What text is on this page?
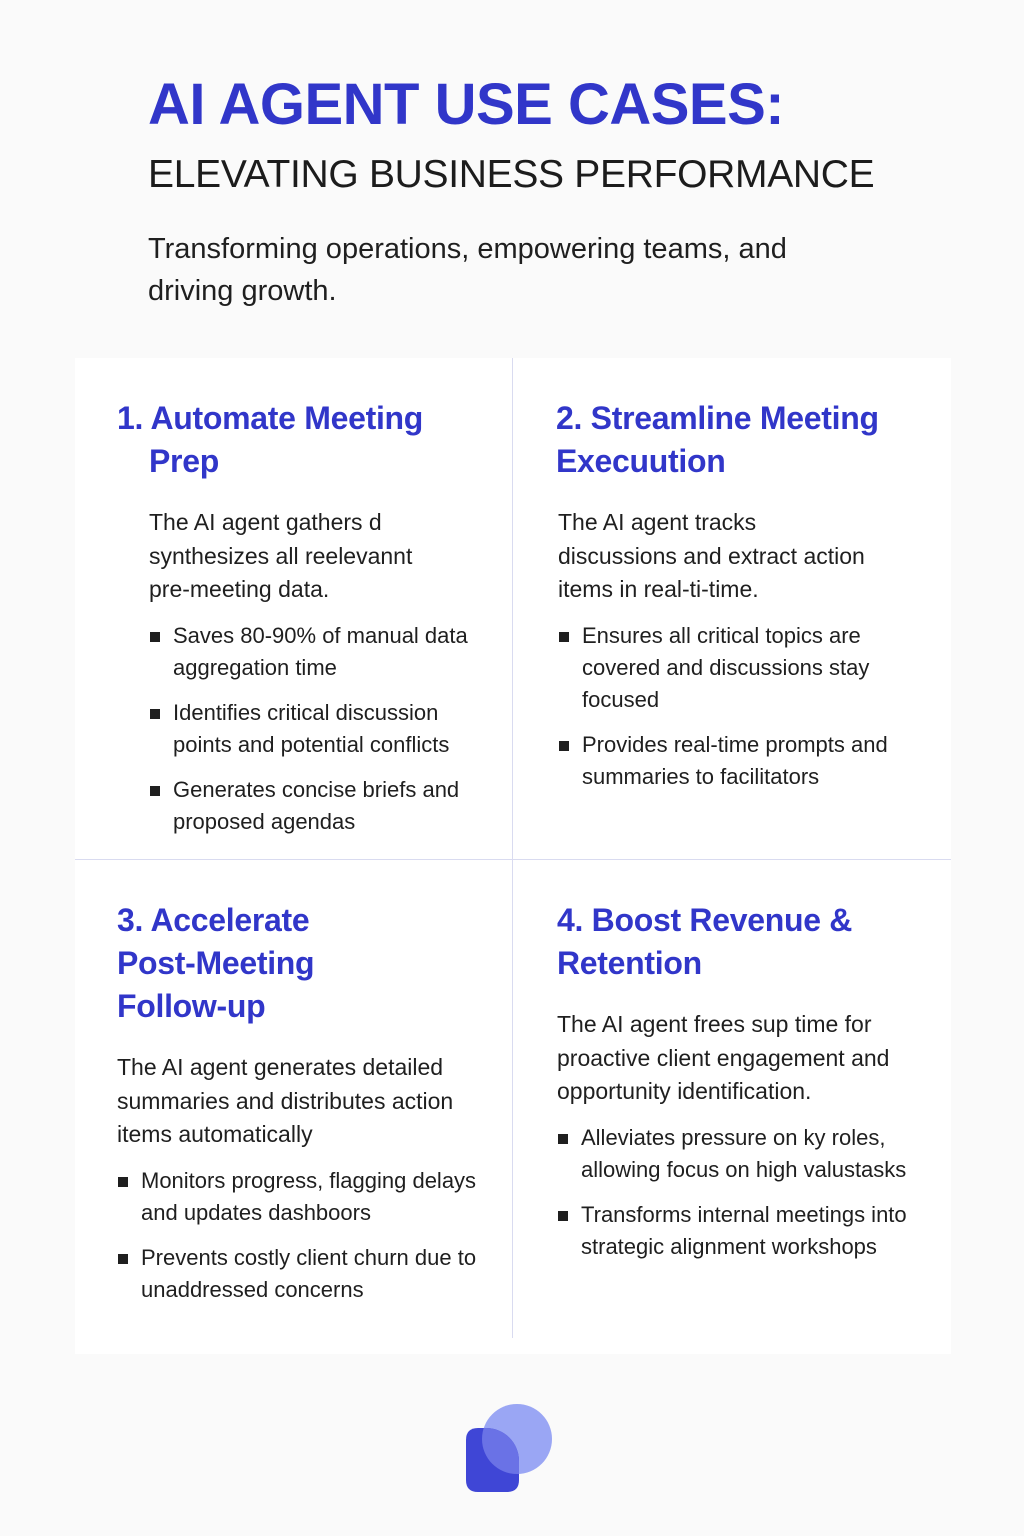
AI AGENT USE CASES:
ELEVATING BUSINESS PERFORMANCE

Transforming operations, empowering teams, and driving growth.

1. Automate Meeting Prep

The AI agent gathers d synthesizes all reelevannt pre-meeting data.

Saves 80-90% of manual data aggregation time
Identifies critical discussion points and potential conflicts
Generates concise briefs and proposed agendas
2. Streamline Meeting Execuution

The AI agent tracks discussions and extract action items in real-ti-time.

Ensures all critical topics are covered and discussions stay focused
Provides real-time prompts and summaries to facilitators
3. Accelerate Post-Meeting Follow-up

The AI agent generates detailed summaries and distributes action items automatically

Monitors progress, flagging delays and updates dashboors
Prevents costly client churn due to unaddressed concerns
4. Boost Revenue & Retention

The AI agent frees sup time for proactive client engagement and opportunity identification.

Alleviates pressure on ky roles, allowing focus on high valustasks
Transforms internal meetings into strategic alignment workshops
